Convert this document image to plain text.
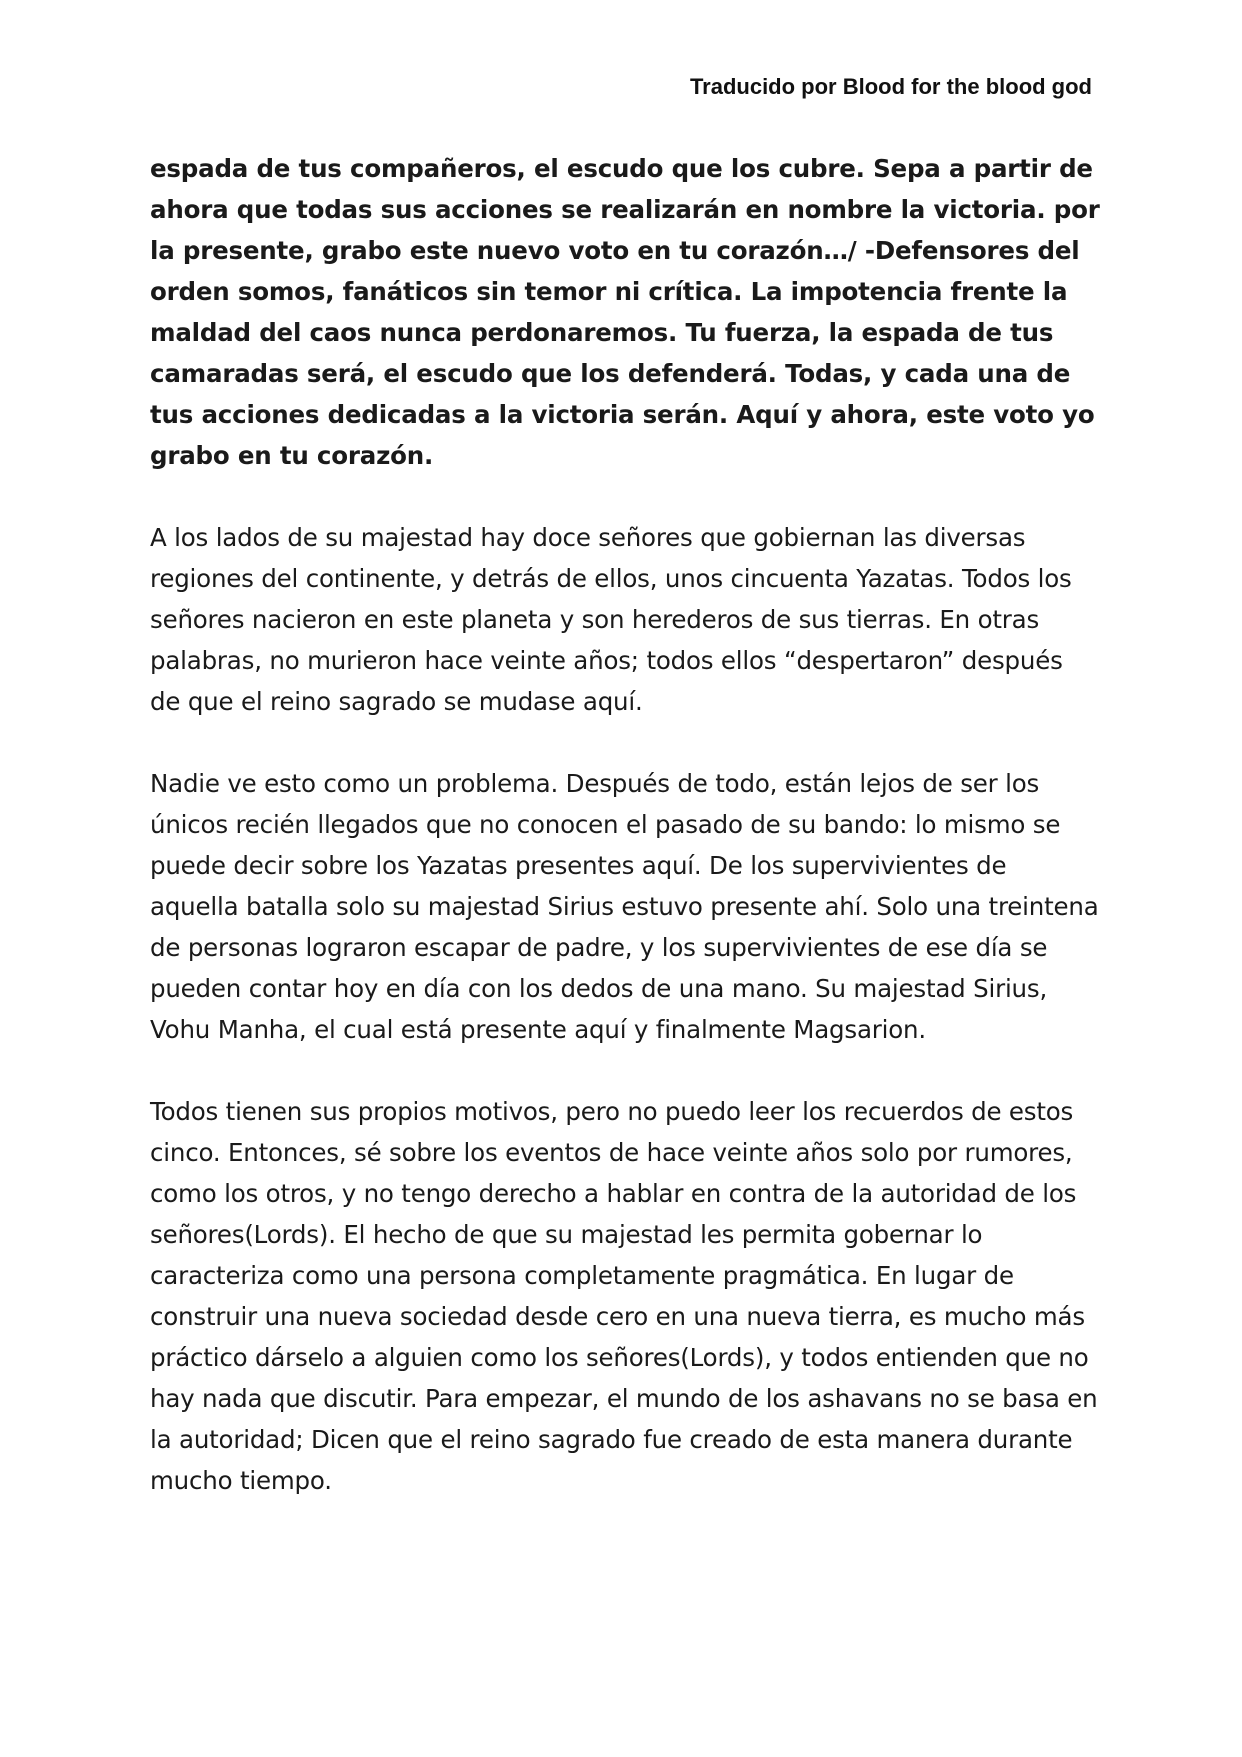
Traducido por Blood for the blood god

espada de tus compañeros, el escudo que los cubre. Sepa a partir de ahora que todas sus acciones se realizarán en nombre la victoria. por la presente, grabo este nuevo voto en tu corazón…/ -Defensores del orden somos, fanáticos sin temor ni crítica. La impotencia frente la maldad del caos nunca perdonaremos. Tu fuerza, la espada de tus camaradas será, el escudo que los defenderá. Todas, y cada una de tus acciones dedicadas a la victoria serán. Aquí y ahora, este voto yo grabo en tu corazón.

A los lados de su majestad hay doce señores que gobiernan las diversas regiones del continente, y detrás de ellos, unos cincuenta Yazatas. Todos los señores nacieron en este planeta y son herederos de sus tierras. En otras palabras, no murieron hace veinte años; todos ellos “despertaron” después de que el reino sagrado se mudase aquí.

Nadie ve esto como un problema. Después de todo, están lejos de ser los únicos recién llegados que no conocen el pasado de su bando: lo mismo se puede decir sobre los Yazatas presentes aquí. De los supervivientes de aquella batalla solo su majestad Sirius estuvo presente ahí. Solo una treintena de personas lograron escapar de padre, y los supervivientes de ese día se pueden contar hoy en día con los dedos de una mano. Su majestad Sirius, Vohu Manha, el cual está presente aquí y finalmente Magsarion.

Todos tienen sus propios motivos, pero no puedo leer los recuerdos de estos cinco. Entonces, sé sobre los eventos de hace veinte años solo por rumores, como los otros, y no tengo derecho a hablar en contra de la autoridad de los señores(Lords). El hecho de que su majestad les permita gobernar lo caracteriza como una persona completamente pragmática. En lugar de construir una nueva sociedad desde cero en una nueva tierra, es mucho más práctico dárselo a alguien como los señores(Lords), y todos entienden que no hay nada que discutir. Para empezar, el mundo de los ashavans no se basa en la autoridad; Dicen que el reino sagrado fue creado de esta manera durante mucho tiempo.
